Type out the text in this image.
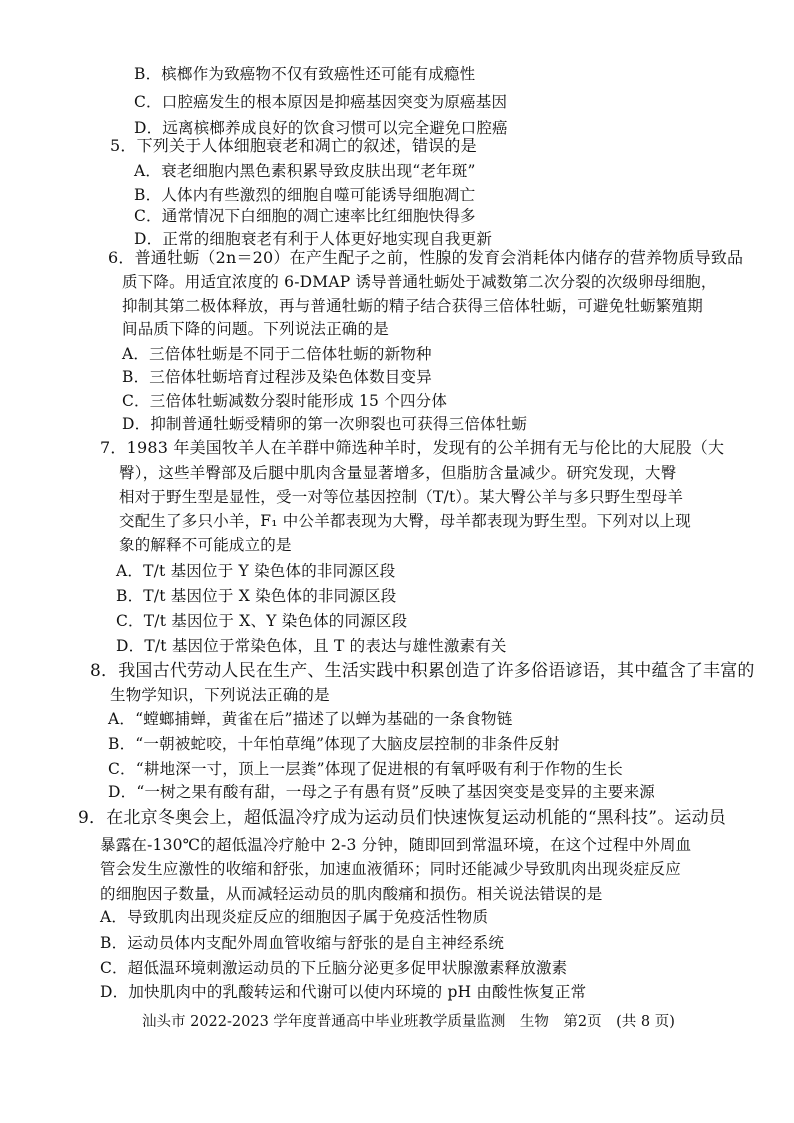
B．槟榔作为致癌物不仅有致癌性还可能有成瘾性
C．口腔癌发生的根本原因是抑癌基因突变为原癌基因
D．远离槟榔养成良好的饮食习惯可以完全避免口腔癌
5．下列关于人体细胞衰老和凋亡的叙述，错误的是
A．衰老细胞内黑色素积累导致皮肤出现“老年斑”
B．人体内有些激烈的细胞自噬可能诱导细胞凋亡
C．通常情况下白细胞的凋亡速率比红细胞快得多
D．正常的细胞衰老有利于人体更好地实现自我更新
6．普通牡蛎（2n＝20）在产生配子之前，性腺的发育会消耗体内储存的营养物质导致品
质下降。用适宜浓度的 6-DMAP 诱导普通牡蛎处于减数第二次分裂的次级卵母细胞，
抑制其第二极体释放，再与普通牡蛎的精子结合获得三倍体牡蛎，可避免牡蛎繁殖期
间品质下降的问题。下列说法正确的是
A．三倍体牡蛎是不同于二倍体牡蛎的新物种
B．三倍体牡蛎培育过程涉及染色体数目变异
C．三倍体牡蛎减数分裂时能形成 15 个四分体
D．抑制普通牡蛎受精卵的第一次卵裂也可获得三倍体牡蛎
7．1983 年美国牧羊人在羊群中筛选种羊时，发现有的公羊拥有无与伦比的大屁股（大
臀），这些羊臀部及后腿中肌肉含量显著增多，但脂肪含量减少。研究发现，大臀
相对于野生型是显性，受一对等位基因控制（T/t）。某大臀公羊与多只野生型母羊
交配生了多只小羊，F₁ 中公羊都表现为大臀，母羊都表现为野生型。下列对以上现
象的解释不可能成立的是
A．T/t 基因位于 Y 染色体的非同源区段
B．T/t 基因位于 X 染色体的非同源区段
C．T/t 基因位于 X、Y 染色体的同源区段
D．T/t 基因位于常染色体，且 T 的表达与雄性激素有关
8．我国古代劳动人民在生产、生活实践中积累创造了许多俗语谚语，其中蕴含了丰富的
生物学知识，下列说法正确的是
A．“螳螂捕蝉，黄雀在后”描述了以蝉为基础的一条食物链
B．“一朝被蛇咬，十年怕草绳”体现了大脑皮层控制的非条件反射
C．“耕地深一寸，顶上一层粪”体现了促进根的有氧呼吸有利于作物的生长
D．“一树之果有酸有甜，一母之子有愚有贤”反映了基因突变是变异的主要来源
9．在北京冬奥会上，超低温冷疗成为运动员们快速恢复运动机能的“黑科技”。运动员
暴露在-130℃的超低温冷疗舱中 2-3 分钟，随即回到常温环境，在这个过程中外周血
管会发生应激性的收缩和舒张，加速血液循环；同时还能减少导致肌肉出现炎症反应
的细胞因子数量，从而减轻运动员的肌肉酸痛和损伤。相关说法错误的是
A．导致肌肉出现炎症反应的细胞因子属于免疫活性物质
B．运动员体内支配外周血管收缩与舒张的是自主神经系统
C．超低温环境刺激运动员的下丘脑分泌更多促甲状腺激素释放激素
D．加快肌肉中的乳酸转运和代谢可以使内环境的 pH 由酸性恢复正常
汕头市 2022-2023 学年度普通高中毕业班教学质量监测　生物　第2页　(共 8 页)
